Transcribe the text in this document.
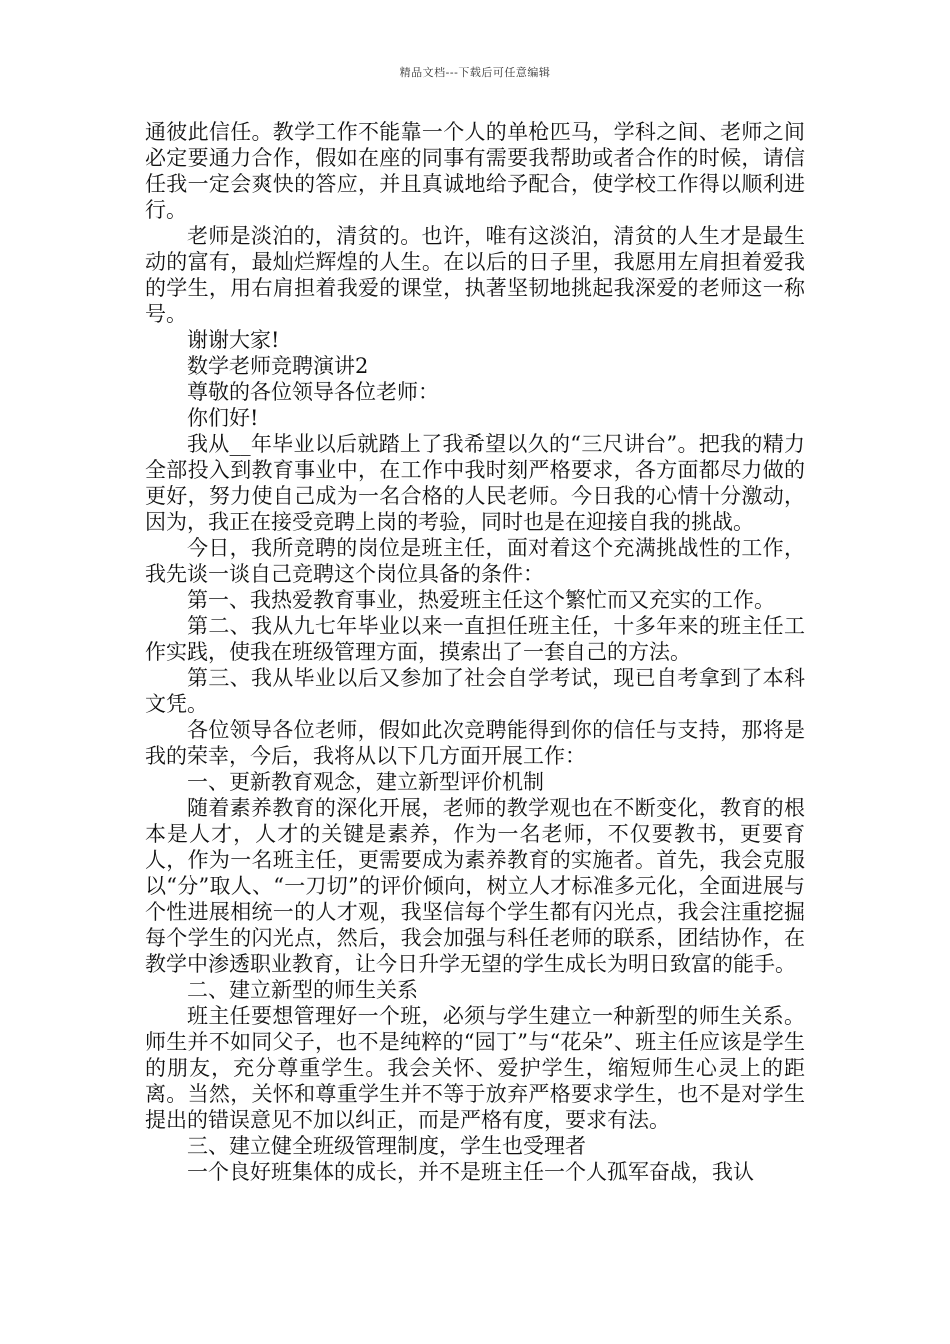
精品文档---下载后可任意编辑

通彼此信任。教学工作不能靠一个人的单枪匹马，学科之间、老师之间必定要通力合作，假如在座的同事有需要我帮助或者合作的时候，请信任我一定会爽快的答应，并且真诚地给予配合，使学校工作得以顺利进行。

老师是淡泊的，清贫的。也许，唯有这淡泊，清贫的人生才是最生动的富有，最灿烂辉煌的人生。在以后的日子里，我愿用左肩担着爱我的学生，用右肩担着我爱的课堂，执著坚韧地挑起我深爱的老师这一称号。

谢谢大家!

数学老师竞聘演讲2

尊敬的各位领导各位老师：

你们好!

我从__年毕业以后就踏上了我希望以久的“三尺讲台”。把我的精力全部投入到教育事业中，在工作中我时刻严格要求，各方面都尽力做的更好，努力使自己成为一名合格的人民老师。今日我的心情十分激动，因为，我正在接受竞聘上岗的考验，同时也是在迎接自我的挑战。

今日，我所竞聘的岗位是班主任，面对着这个充满挑战性的工作，我先谈一谈自己竞聘这个岗位具备的条件：

第一、我热爱教育事业，热爱班主任这个繁忙而又充实的工作。

第二、我从九七年毕业以来一直担任班主任，十多年来的班主任工作实践，使我在班级管理方面，摸索出了一套自己的方法。

第三、我从毕业以后又参加了社会自学考试，现已自考拿到了本科文凭。

各位领导各位老师，假如此次竞聘能得到你的信任与支持，那将是我的荣幸，今后，我将从以下几方面开展工作：

一、更新教育观念，建立新型评价机制

随着素养教育的深化开展，老师的教学观也在不断变化，教育的根本是人才，人才的关键是素养，作为一名老师，不仅要教书，更要育人，作为一名班主任，更需要成为素养教育的实施者。首先，我会克服以“分”取人、“一刀切”的评价倾向，树立人才标准多元化，全面进展与个性进展相统一的人才观，我坚信每个学生都有闪光点，我会注重挖掘每个学生的闪光点，然后，我会加强与科任老师的联系，团结协作，在教学中渗透职业教育，让今日升学无望的学生成长为明日致富的能手。

二、建立新型的师生关系

班主任要想管理好一个班，必须与学生建立一种新型的师生关系。师生并不如同父子，也不是纯粹的“园丁”与“花朵”、班主任应该是学生的朋友，充分尊重学生。我会关怀、爱护学生，缩短师生心灵上的距离。当然，关怀和尊重学生并不等于放弃严格要求学生，也不是对学生提出的错误意见不加以纠正，而是严格有度，要求有法。

三、建立健全班级管理制度，学生也受理者

一个良好班集体的成长，并不是班主任一个人孤军奋战，我认
